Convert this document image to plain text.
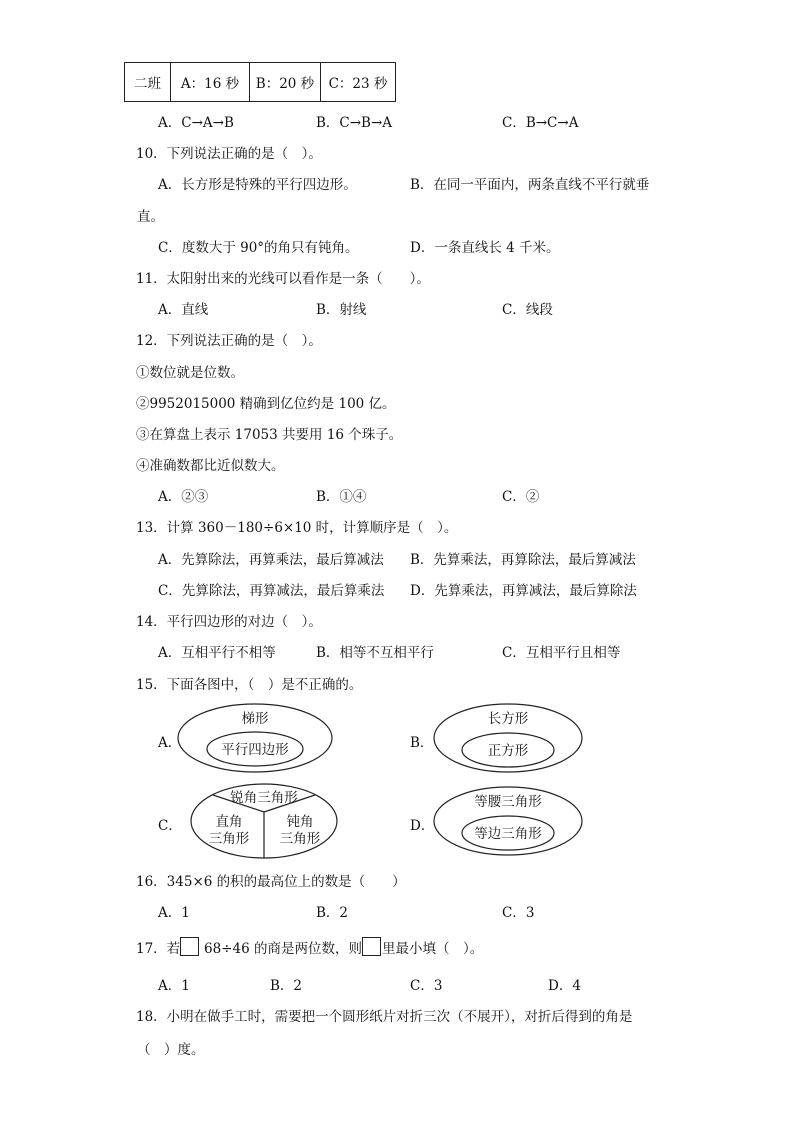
二班	A：16 秒	B：20 秒	C：23 秒
A．C→A→B	B．C→B→A	C．B→C→A
10．下列说法正确的是（　）。
A．长方形是特殊的平行四边形。	B．在同一平面内，两条直线不平行就垂
直。
C．度数大于 90°的角只有钝角。	D．一条直线长 4 千米。
11．太阳射出来的光线可以看作是一条（　　）。
A．直线	B．射线	C．线段
12．下列说法正确的是（　）。
①数位就是位数。
②9952015000 精确到亿位约是 100 亿。
③在算盘上表示 17053 共要用 16 个珠子。
④准确数都比近似数大。
A．②③	B．①④	C．②
13．计算 360－180÷6×10 时，计算顺序是（　）。
A．先算除法，再算乘法，最后算减法 B．先算乘法，再算除法，最后算减法
C．先算除法，再算减法，最后算乘法 D．先算乘法，再算减法，最后算除法
14．平行四边形的对边（　）。
A．互相平行不相等	B．相等不互相平行	C．互相平行且相等
15．下面各图中，（　）是不正确的。
A．	B．
C．	D．
梯形
平行四边形
长方形
正方形
锐角三角形
直角
三角形
钝角
三角形
等腰三角形
等边三角形
16．345×6 的积的最高位上的数是（　　）
A．1	B．2	C．3
17．若 68÷46 的商是两位数，则 里最小填（　）。
A．1	B．2	C．3	D．4
18．小明在做手工时，需要把一个圆形纸片对折三次（不展开），对折后得到的角是
（　）度。
